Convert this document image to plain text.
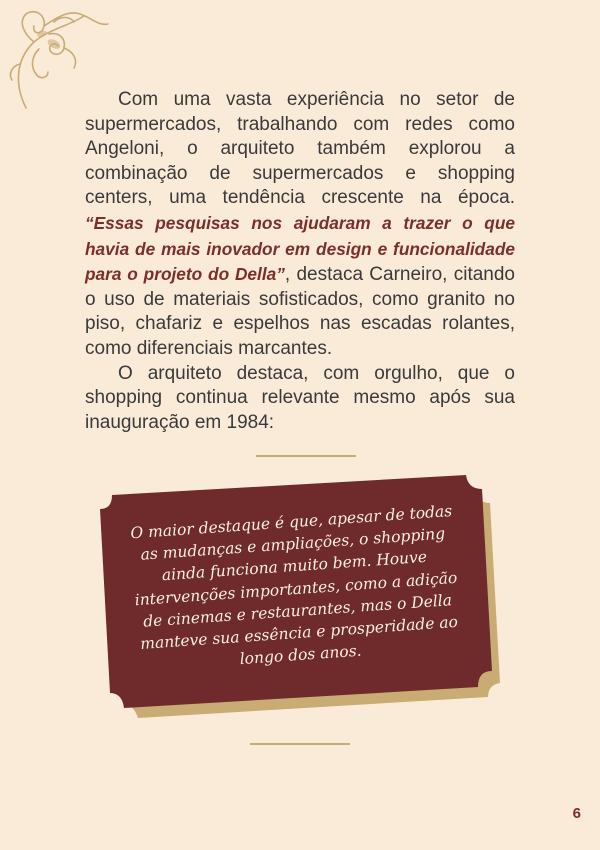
Com uma vasta experiência no setor de supermercados, trabalhando com redes como Angeloni, o arquiteto também explorou a combinação de supermercados e shopping centers, uma tendência crescente na época. “Essas pesquisas nos ajudaram a trazer o que havia de mais inovador em design e funcionalidade para o projeto do Della”, destaca Carneiro, citando o uso de materiais sofisticados, como granito no piso, chafariz e espelhos nas escadas rolantes, como diferenciais marcantes.

O arquiteto destaca, com orgulho, que o shopping continua relevante mesmo após sua inauguração em 1984:

O maior destaque é que, apesar de todas as mudanças e ampliações, o shopping ainda funciona muito bem. Houve intervenções importantes, como a adição de cinemas e restaurantes, mas o Della manteve sua essência e prosperidade ao longo dos anos.
6
